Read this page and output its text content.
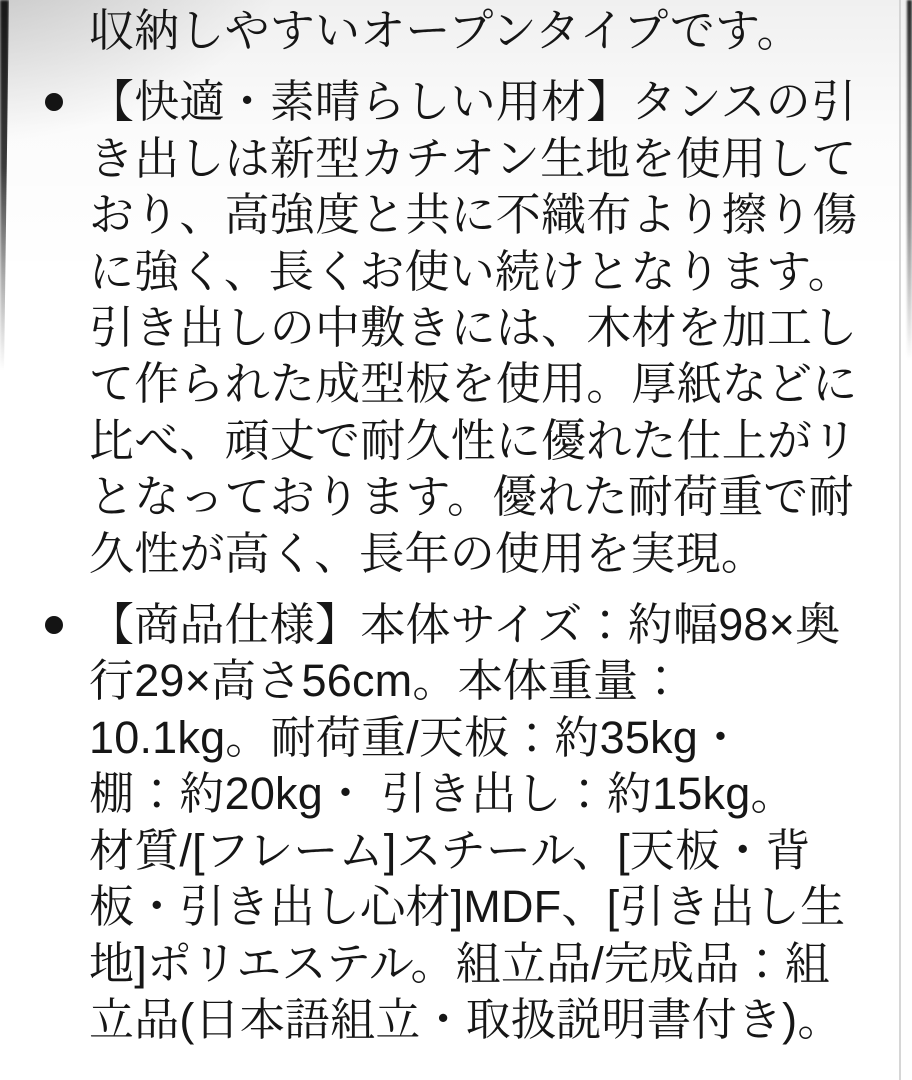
収納しやすいオープンタイプです。
【快適・素晴らしい用材】タンスの引
き出しは新型カチオン生地を使用して
おり、高強度と共に不織布より擦り傷
に強く、長くお使い続けとなります。
引き出しの中敷きには、木材を加工し
て作られた成型板を使用。厚紙などに
比べ、頑丈で耐久性に優れた仕上がリ
となっております。優れた耐荷重で耐
久性が高く、長年の使用を実現。
【商品仕様】本体サイズ：約幅98×奥
行29×高さ56cm。本体重量：
10.1kg。耐荷重/天板：約35kg・
棚：約20kg・ 引き出し：約15kg。
材質/[フレーム]スチール、[天板・背
板・引き出し心材]MDF、[引き出し生
地]ポリエステル。組立品/完成品：組
立品(日本語組立・取扱説明書付き)。
